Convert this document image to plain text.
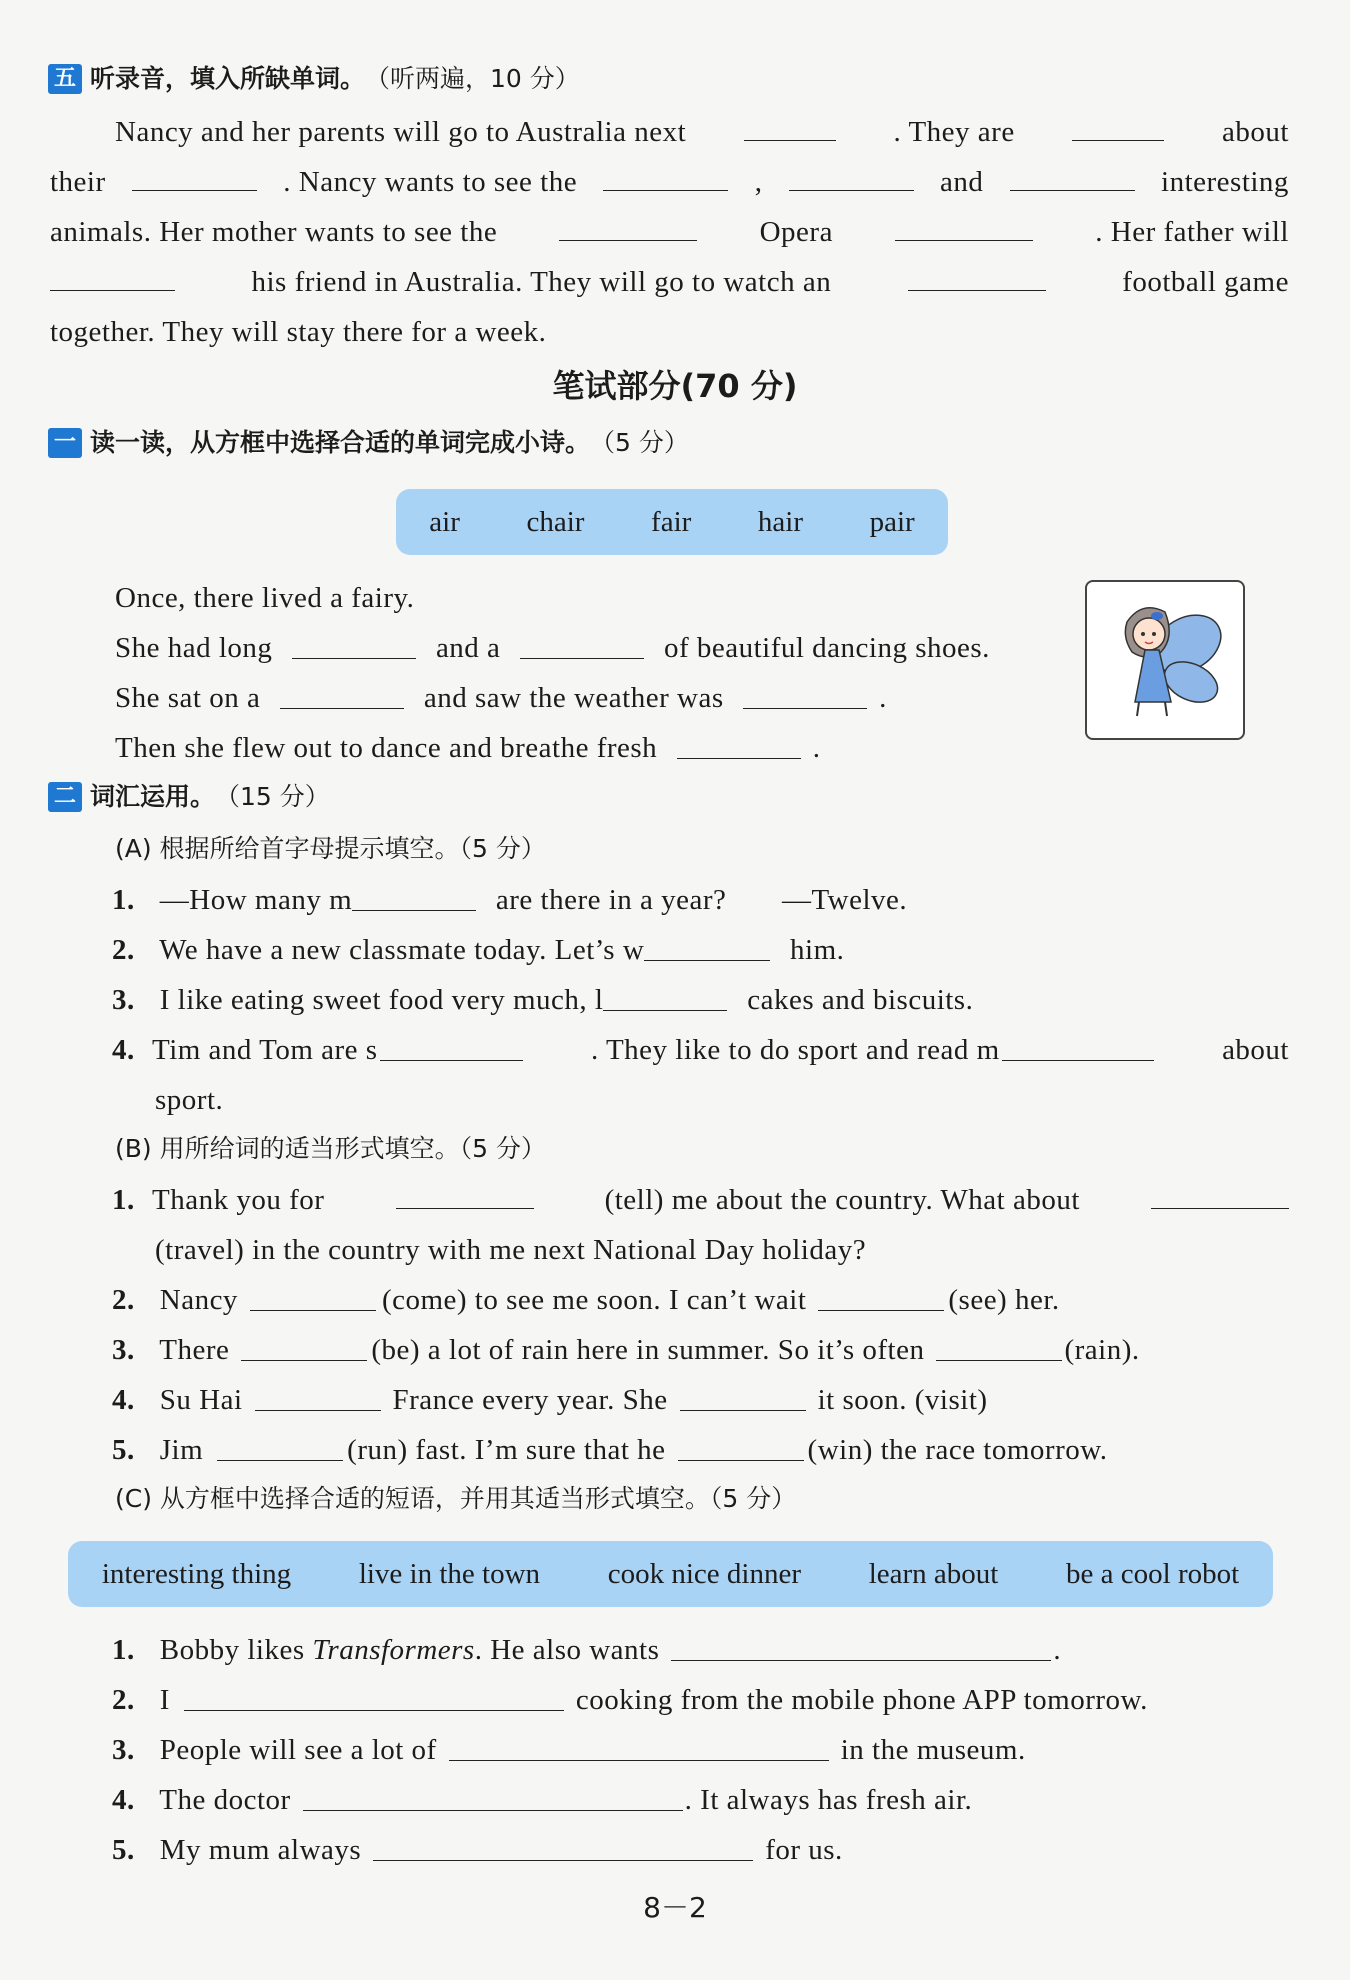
五 听录音，填入所缺单词。 （听两遍，10 分）
Nancy and her parents will go to Australia next	. They are	about
their	. Nancy wants to see the	,	and	interesting
animals. Her mother wants to see the	Opera	. Her father will
his friend in Australia. They will go to watch an	football game
together. They will stay there for a week.
笔试部分(70 分)
一 读一读，从方框中选择合适的单词完成小诗。 （5 分）
air chair fair hair pair
Once, there lived a fairy.
She had long	and a	of beautiful dancing shoes.
She sat on a	and saw the weather was	.
Then she flew out to dance and breathe fresh	.
二 词汇运用。 （15 分）
(A) 根据所给首字母提示填空。（5 分）
1. —How many m	are there in a year? —Twelve.
2. We have a new classmate today. Let’s w	him.
3. I like eating sweet food very much, l	cakes and biscuits.
4. Tim and Tom are s	. They like to do sport and read m	about
sport.
(B) 用所给词的适当形式填空。（5 分）
1. Thank you for	(tell) me about the country. What about
(travel) in the country with me next National Day holiday?
2. Nancy	(come) to see me soon. I can’t wait	(see) her.
3. There	(be) a lot of rain here in summer. So it’s often	(rain).
4. Su Hai	France every year. She	it soon. (visit)
5. Jim	(run) fast. I’m sure that he	(win) the race tomorrow.
(C) 从方框中选择合适的短语，并用其适当形式填空。（5 分）
interesting thing live in the town cook nice dinner learn about be a cool robot
1. Bobby likes Transformers. He also wants	.
2. I	cooking from the mobile phone APP tomorrow.
3. People will see a lot of	in the museum.
4. The doctor	. It always has fresh air.
5. My mum always	for us.
8－2
